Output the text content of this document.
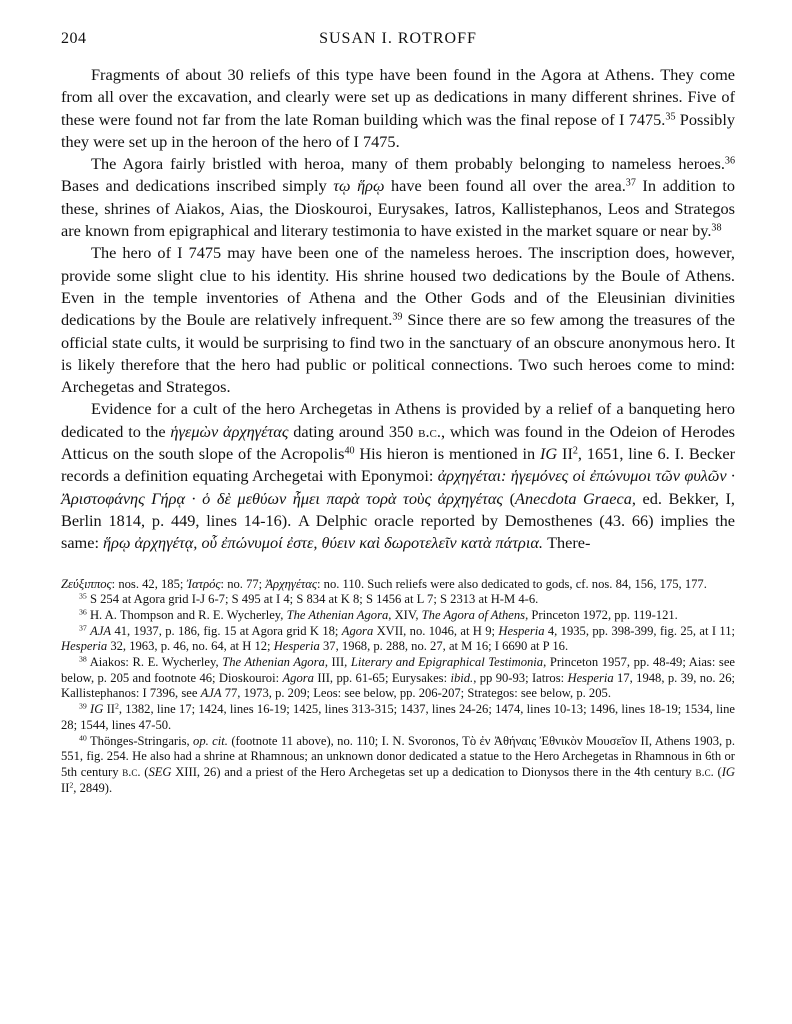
204	SUSAN I. ROTROFF

Fragments of about 30 reliefs of this type have been found in the Agora at Athens. They come from all over the excavation, and clearly were set up as dedications in many different shrines. Five of these were found not far from the late Roman building which was the final repose of I 7475.35 Possibly they were set up in the heroon of the hero of I 7475.

The Agora fairly bristled with heroa, many of them probably belonging to nameless heroes.$^{36}$ Bases and dedications inscribed simply τῳ ἥρῳ have been found all over the area.$^{37}$ In addition to these, shrines of Aiakos, Aias, the Dioskouroi, Eurysakes, Iatros, Kallistephanos, Leos and Strategos are known from epigraphical and literary testimonia to have existed in the market square or near by.$^{38}$

The hero of I 7475 may have been one of the nameless heroes. The inscription does, however, provide some slight clue to his identity. His shrine housed two dedications by the Boule of Athens. Even in the temple inventories of Athena and the Other Gods and of the Eleusinian divinities dedications by the Boule are relatively infrequent.$^{39}$ Since there are so few among the treasures of the official state cults, it would be surprising to find two in the sanctuary of an obscure anonymous hero. It is likely therefore that the hero had public or political connections. Two such heroes come to mind: Archegetas and Strategos.

Evidence for a cult of the hero Archegetas in Athens is provided by a relief of a banqueting hero dedicated to the ἡγεμὼν ἀρχηγέτας dating around 350 b.c., which was found in the Odeion of Herodes Atticus on the south slope of the Acropolis$^{40}$ His hieron is mentioned in IG $II^2$, 1651, line 6. I. Becker records a definition equating Archegetai with Eponymoi: ἀρχηγέται: ἡγεμόνες οἱ ἐπώνυμοι τῶν φυλῶν · Ἀριστοφάνης Γήρᾳ · ὁ δὲ μεθύων ἧμει παρὰ τορὰ τοὺς ἀρχηγέτας (Anecdota Graeca, ed. Bekker, I, Berlin 1814, p. 449, lines 14-16). A Delphic oracle reported by Demosthenes (43. 66) implies the same: ἥρῳ ἀρχηγέτᾳ, οὗ ἐπώνυμοί ἐστε, θύειν καὶ δωροτελεῖν κατὰ πάτρια. There-

Ζεύξιππος: nos. 42, 185; Ἰατρός: no. 77; Ἀρχηγέτας: no. 110. Such reliefs were also dedicated to gods, cf. nos. 84, 156, 175, 177.

$^{35}$ S 254 at Agora grid I-J 6-7; S 495 at I 4; S 834 at K 8; S 1456 at L 7; S 2313 at H-M 4-6.

$^{36}$ H. A. Thompson and R. E. Wycherley, The Athenian Agora, XIV, The Agora of Athens, Princeton 1972, pp. 119-121.

$^{37}$ AJA 41, 1937, p. 186, fig. 15 at Agora grid K 18; Agora XVII, no. 1046, at H 9; Hesperia 4, 1935, pp. 398-399, fig. 25, at I 11; Hesperia 32, 1963, p. 46, no. 64, at H 12; Hesperia 37, 1968, p. 288, no. 27, at M 16; I 6690 at P 16.

$^{38}$ Aiakos: R. E. Wycherley, The Athenian Agora, III, Literary and Epigraphical Testimonia, Princeton 1957, pp. 48-49; Aias: see below, p. 205 and footnote 46; Dioskouroi: Agora III, pp. 61-65; Eurysakes: ibid., pp 90-93; Iatros: Hesperia 17, 1948, p. 39, no. 26; Kallistephanos: I 7396, see AJA 77, 1973, p. 209; Leos: see below, pp. 206-207; Strategos: see below, p. 205.

$^{39}$ IG $II^2$, 1382, line 17; 1424, lines 16-19; 1425, lines 313-315; 1437, lines 24-26; 1474, lines 10-13; 1496, lines 18-19; 1534, line 28; 1544, lines 47-50.

$^{40}$ Thönges-Stringaris, op. cit. (footnote 11 above), no. 110; I. N. Svoronos, Τὸ ἐν Ἀθήναις Ἐθνικὸν Μουσεῖον II, Athens 1903, p. 551, fig. 254. He also had a shrine at Rhamnous; an unknown donor dedicated a statue to the Hero Archegetas in Rhamnous in 6th or 5th century b.c. (SEG XIII, 26) and a priest of the Hero Archegetas set up a dedication to Dionysos there in the 4th century b.c. (IG $II^2$, 2849).
